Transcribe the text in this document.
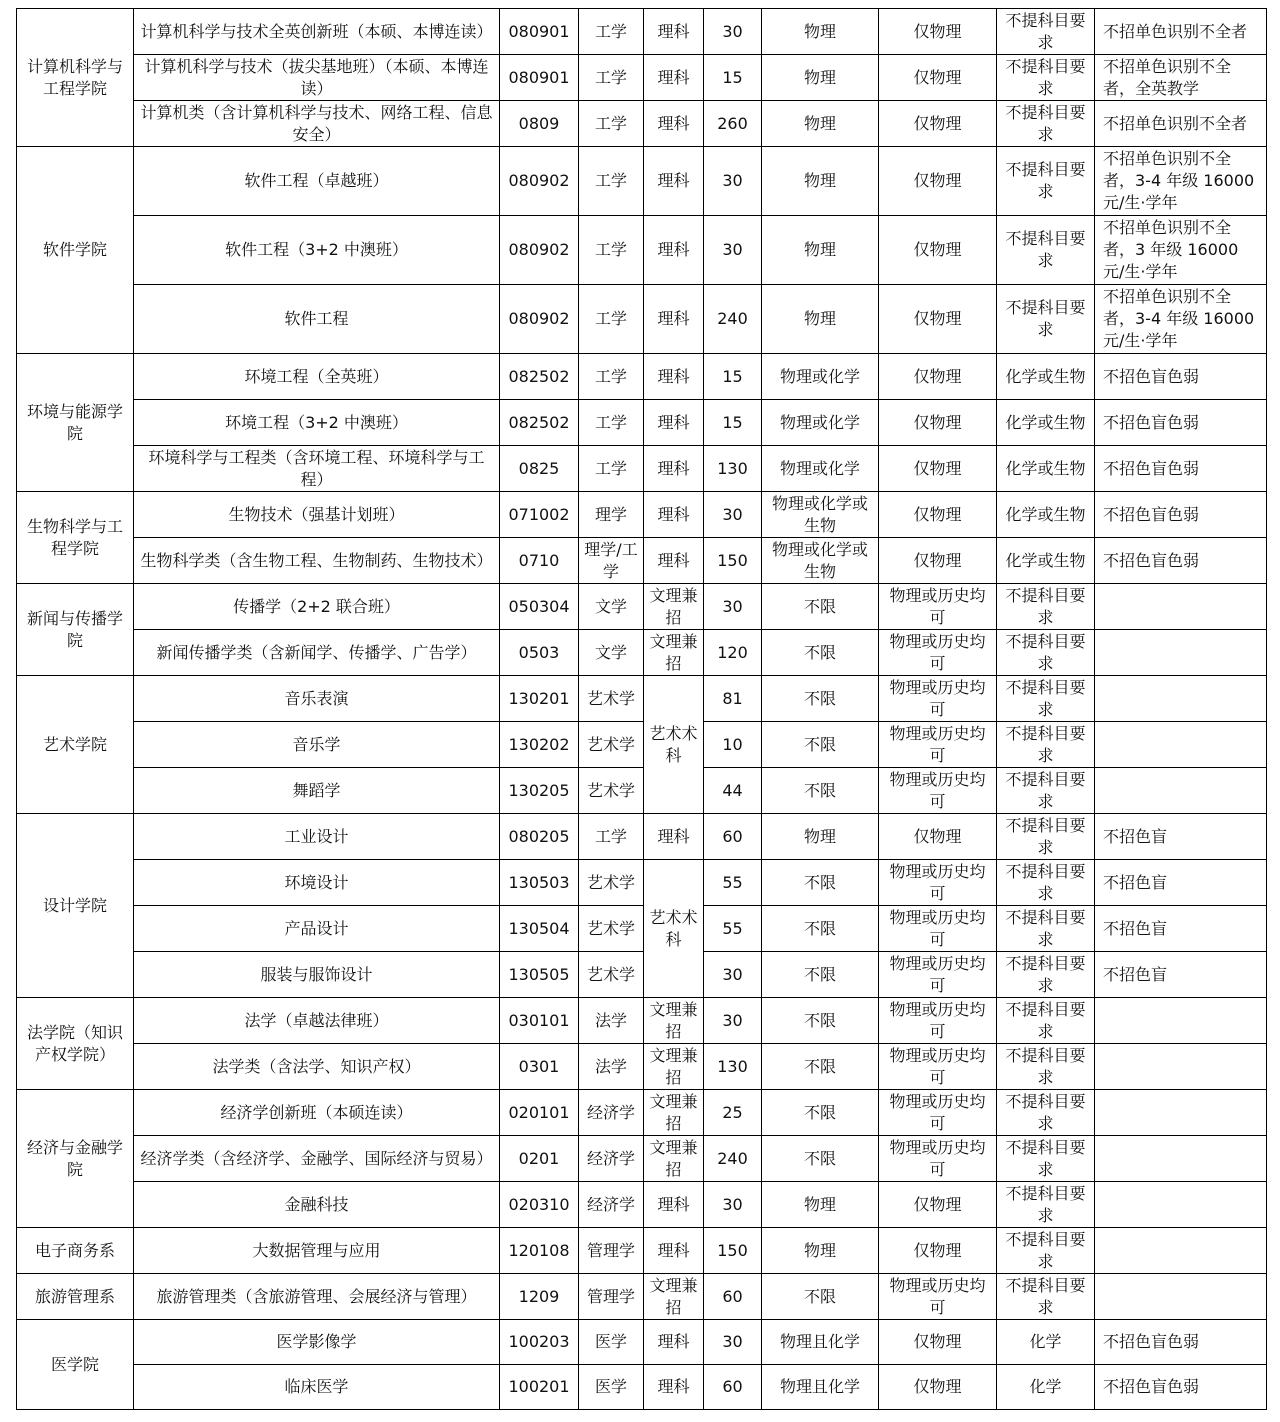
计算机科学与工程学院	计算机科学与技术全英创新班（本硕、本博连读）	080901	工学	理科	30	物理	仅物理	不提科目要求	不招单色识别不全者
	计算机科学与技术（拔尖基地班）（本硕、本博连读）	080901	工学	理科	15	物理	仅物理	不提科目要求	不招单色识别不全者，全英教学
	计算机类（含计算机科学与技术、网络工程、信息安全）	0809	工学	理科	260	物理	仅物理	不提科目要求	不招单色识别不全者
软件学院	软件工程（卓越班）	080902	工学	理科	30	物理	仅物理	不提科目要求	不招单色识别不全者，3-4 年级 16000 元/生·学年
	软件工程（3+2 中澳班）	080902	工学	理科	30	物理	仅物理	不提科目要求	不招单色识别不全者，3 年级 16000 元/生·学年
	软件工程	080902	工学	理科	240	物理	仅物理	不提科目要求	不招单色识别不全者，3-4 年级 16000 元/生·学年
环境与能源学院	环境工程（全英班）	082502	工学	理科	15	物理或化学	仅物理	化学或生物	不招色盲色弱
	环境工程（3+2 中澳班）	082502	工学	理科	15	物理或化学	仅物理	化学或生物	不招色盲色弱
	环境科学与工程类（含环境工程、环境科学与工程）	0825	工学	理科	130	物理或化学	仅物理	化学或生物	不招色盲色弱
生物科学与工程学院	生物技术（强基计划班）	071002	理学	理科	30	物理或化学或生物	仅物理	化学或生物	不招色盲色弱
	生物科学类（含生物工程、生物制药、生物技术）	0710	理学/工学	理科	150	物理或化学或生物	仅物理	化学或生物	不招色盲色弱
新闻与传播学院	传播学（2+2 联合班）	050304	文学	文理兼招	30	不限	物理或历史均可	不提科目要求	
	新闻传播学类（含新闻学、传播学、广告学）	0503	文学	文理兼招	120	不限	物理或历史均可	不提科目要求	
艺术学院	音乐表演	130201	艺术学	艺术术科	81	不限	物理或历史均可	不提科目要求	
	音乐学	130202	艺术学		10	不限	物理或历史均可	不提科目要求	
	舞蹈学	130205	艺术学		44	不限	物理或历史均可	不提科目要求	
设计学院	工业设计	080205	工学	理科	60	物理	仅物理	不提科目要求	不招色盲
	环境设计	130503	艺术学	艺术术科	55	不限	物理或历史均可	不提科目要求	不招色盲
	产品设计	130504	艺术学		55	不限	物理或历史均可	不提科目要求	不招色盲
	服装与服饰设计	130505	艺术学		30	不限	物理或历史均可	不提科目要求	不招色盲
法学院（知识产权学院）	法学（卓越法律班）	030101	法学	文理兼招	30	不限	物理或历史均可	不提科目要求	
	法学类（含法学、知识产权）	0301	法学	文理兼招	130	不限	物理或历史均可	不提科目要求	
经济与金融学院	经济学创新班（本硕连读）	020101	经济学	文理兼招	25	不限	物理或历史均可	不提科目要求	
	经济学类（含经济学、金融学、国际经济与贸易）	0201	经济学	文理兼招	240	不限	物理或历史均可	不提科目要求	
	金融科技	020310	经济学	理科	30	物理	仅物理	不提科目要求	
电子商务系	大数据管理与应用	120108	管理学	理科	150	物理	仅物理	不提科目要求	
旅游管理系	旅游管理类（含旅游管理、会展经济与管理）	1209	管理学	文理兼招	60	不限	物理或历史均可	不提科目要求	
医学院	医学影像学	100203	医学	理科	30	物理且化学	仅物理	化学	不招色盲色弱
	临床医学	100201	医学	理科	60	物理且化学	仅物理	化学	不招色盲色弱
